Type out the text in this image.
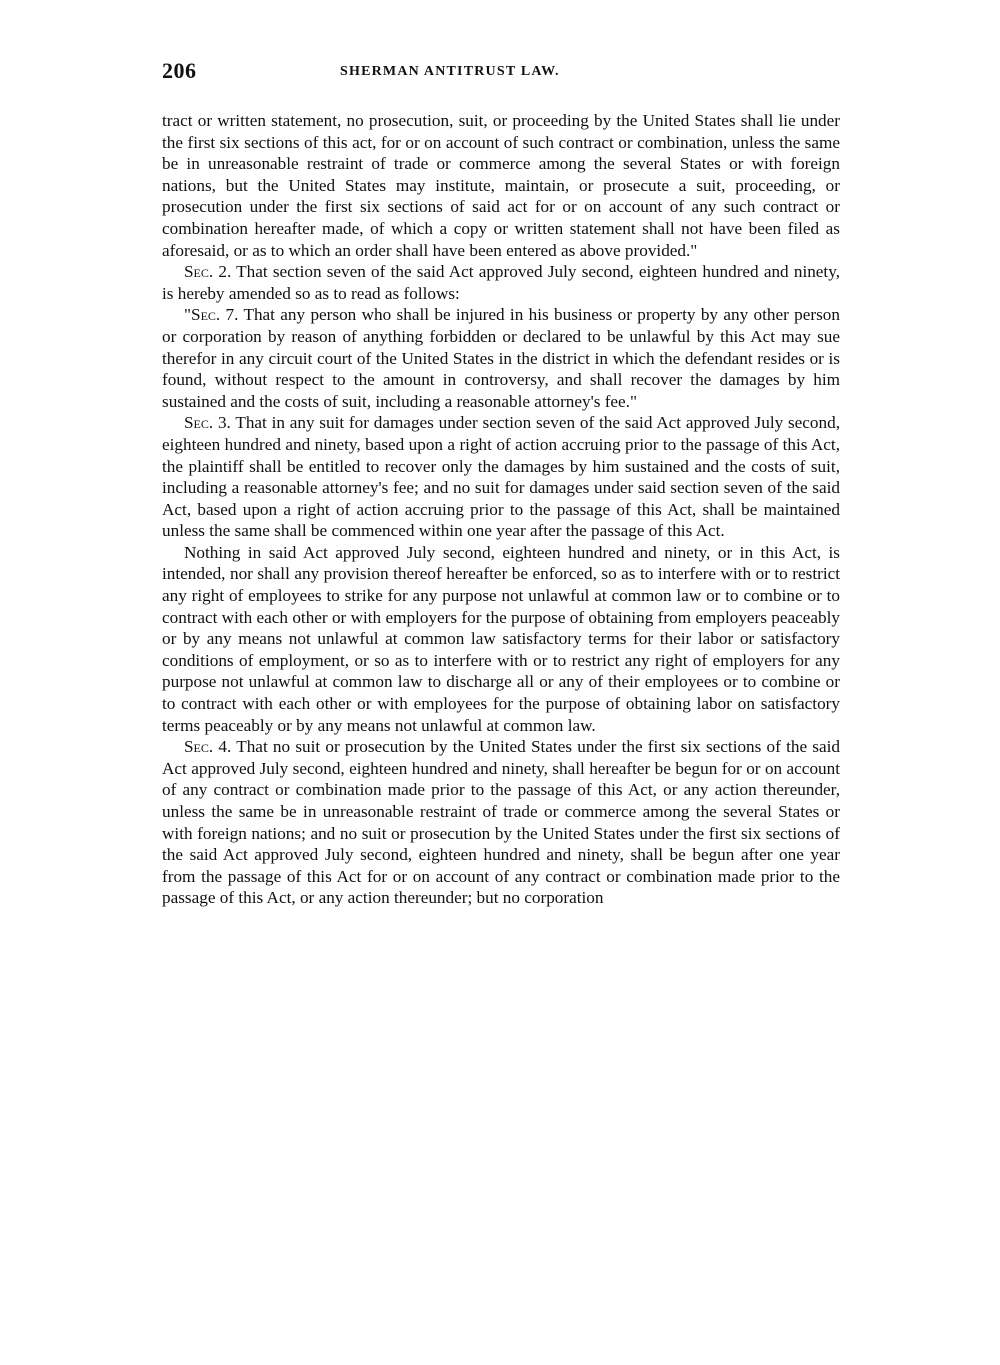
206	SHERMAN ANTITRUST LAW.

tract or written statement, no prosecution, suit, or proceeding by the United States shall lie under the first six sections of this act, for or on account of such contract or combination, unless the same be in unreasonable restraint of trade or commerce among the several States or with foreign nations, but the United States may institute, maintain, or prosecute a suit, proceeding, or prosecution under the first six sections of said act for or on account of any such contract or combination hereafter made, of which a copy or written statement shall not have been filed as aforesaid, or as to which an order shall have been entered as above provided."

Sec. 2. That section seven of the said Act approved July second, eighteen hundred and ninety, is hereby amended so as to read as follows:

"Sec. 7. That any person who shall be injured in his business or property by any other person or corporation by reason of anything forbidden or declared to be unlawful by this Act may sue therefor in any circuit court of the United States in the district in which the defendant resides or is found, without respect to the amount in controversy, and shall recover the damages by him sustained and the costs of suit, including a reasonable attorney's fee."

Sec. 3. That in any suit for damages under section seven of the said Act approved July second, eighteen hundred and ninety, based upon a right of action accruing prior to the passage of this Act, the plaintiff shall be entitled to recover only the damages by him sustained and the costs of suit, including a reasonable attorney's fee; and no suit for damages under said section seven of the said Act, based upon a right of action accruing prior to the passage of this Act, shall be maintained unless the same shall be commenced within one year after the passage of this Act.

Nothing in said Act approved July second, eighteen hundred and ninety, or in this Act, is intended, nor shall any provision thereof hereafter be enforced, so as to interfere with or to restrict any right of employees to strike for any purpose not unlawful at common law or to combine or to contract with each other or with employers for the purpose of obtaining from employers peaceably or by any means not unlawful at common law satisfactory terms for their labor or satisfactory conditions of employment, or so as to interfere with or to restrict any right of employers for any purpose not unlawful at common law to discharge all or any of their employees or to combine or to contract with each other or with employees for the purpose of obtaining labor on satisfactory terms peaceably or by any means not unlawful at common law.

Sec. 4. That no suit or prosecution by the United States under the first six sections of the said Act approved July second, eighteen hundred and ninety, shall hereafter be begun for or on account of any contract or combination made prior to the passage of this Act, or any action thereunder, unless the same be in unreasonable restraint of trade or commerce among the several States or with foreign nations; and no suit or prosecution by the United States under the first six sections of the said Act approved July second, eighteen hundred and ninety, shall be begun after one year from the passage of this Act for or on account of any contract or combination made prior to the passage of this Act, or any action thereunder; but no corporation
